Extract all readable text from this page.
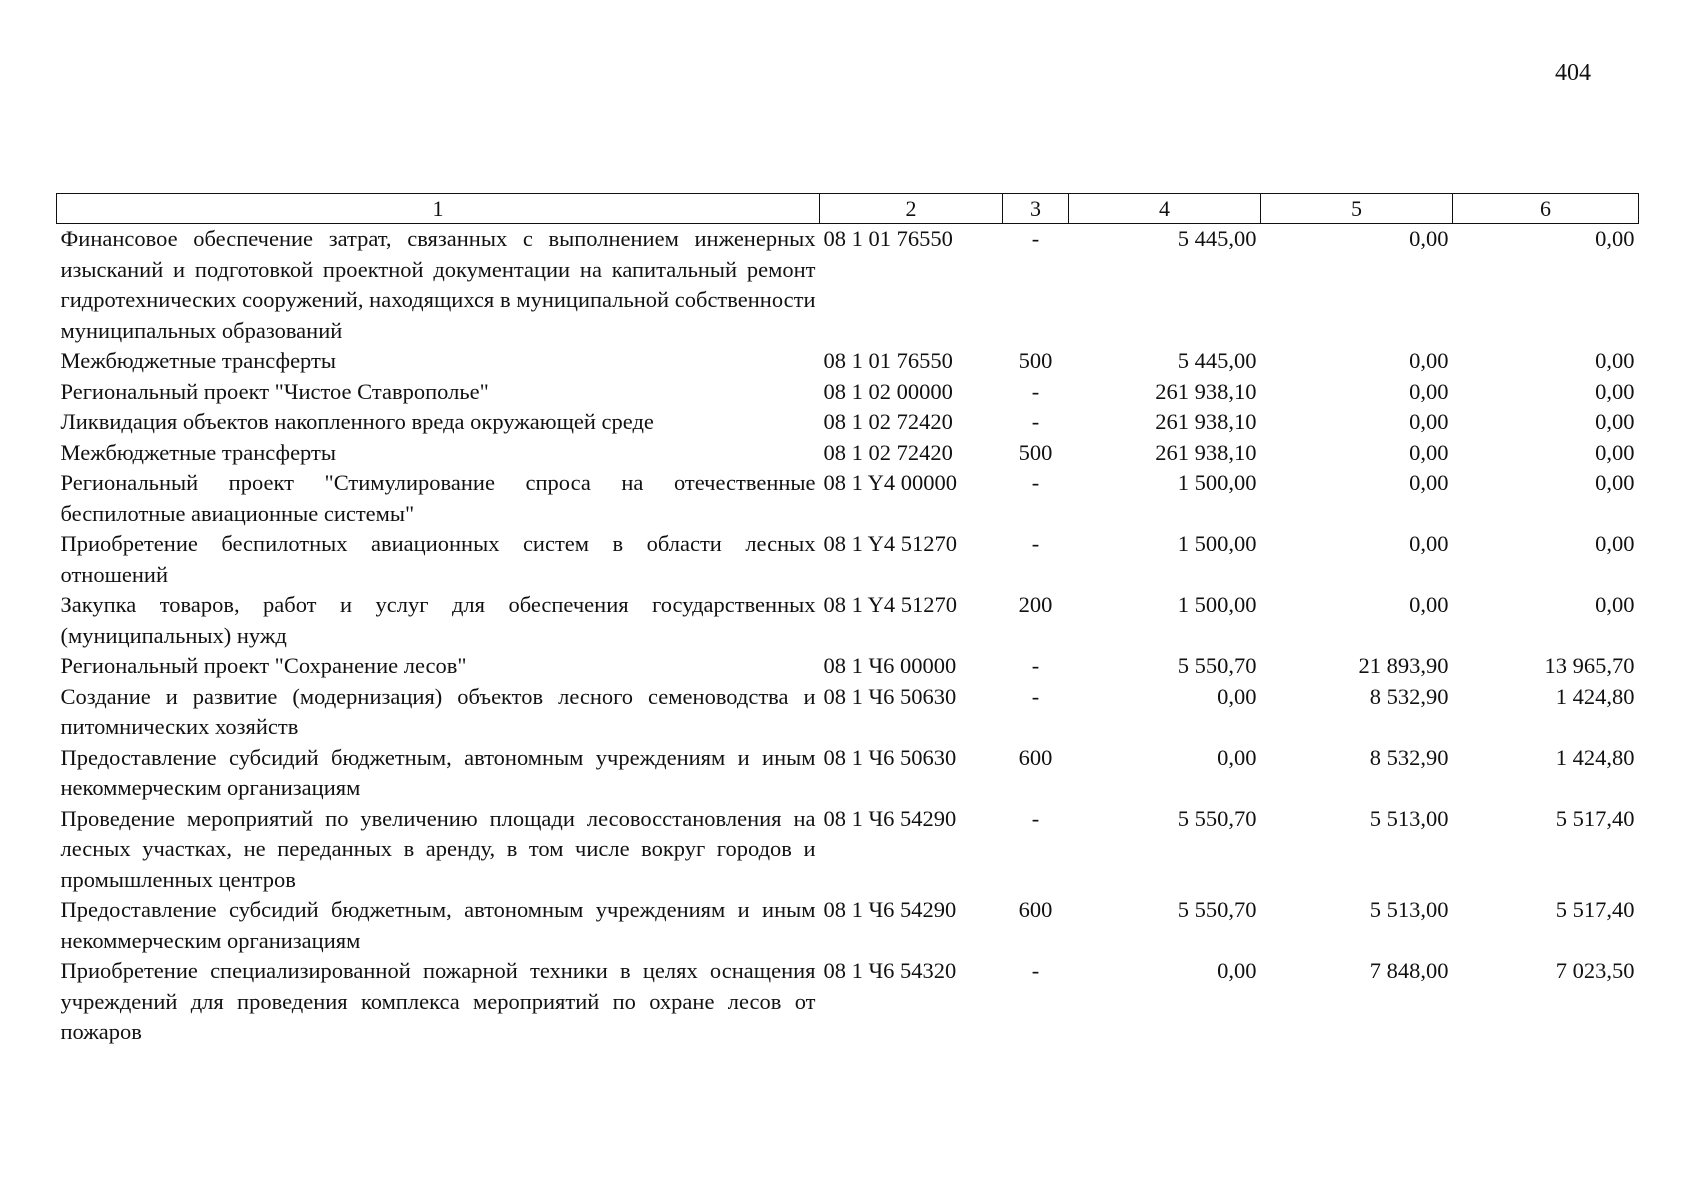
404
1	2	3	4	5	6
Финансовое обеспечение затрат, связанных с выполнением инженерных изысканий и подготовкой проектной документации на капитальный ремонт гидротехнических сооружений, находящихся в муниципальной собственности муниципальных образований	08 1 01 76550	-	5 445,00	0,00	0,00
Межбюджетные трансферты	08 1 01 76550	500	5 445,00	0,00	0,00
Региональный проект "Чистое Ставрополье"	08 1 02 00000	-	261 938,10	0,00	0,00
Ликвидация объектов накопленного вреда окружающей среде	08 1 02 72420	-	261 938,10	0,00	0,00
Межбюджетные трансферты	08 1 02 72420	500	261 938,10	0,00	0,00
Региональный проект "Стимулирование спроса на отечественные беспилотные авиационные системы"	08 1 Y4 00000	-	1 500,00	0,00	0,00
Приобретение беспилотных авиационных систем в области лесных отношений	08 1 Y4 51270	-	1 500,00	0,00	0,00
Закупка товаров, работ и услуг для обеспечения государственных (муниципальных) нужд	08 1 Y4 51270	200	1 500,00	0,00	0,00
Региональный проект "Сохранение лесов"	08 1 Ч6 00000	-	5 550,70	21 893,90	13 965,70
Создание и развитие (модернизация) объектов лесного семеноводства и питомнических хозяйств	08 1 Ч6 50630	-	0,00	8 532,90	1 424,80
Предоставление субсидий бюджетным, автономным учреждениям и иным некоммерческим организациям	08 1 Ч6 50630	600	0,00	8 532,90	1 424,80
Проведение мероприятий по увеличению площади лесовосстановления на лесных участках, не переданных в аренду, в том числе вокруг городов и промышленных центров	08 1 Ч6 54290	-	5 550,70	5 513,00	5 517,40
Предоставление субсидий бюджетным, автономным учреждениям и иным некоммерческим организациям	08 1 Ч6 54290	600	5 550,70	5 513,00	5 517,40
Приобретение специализированной пожарной техники в целях оснащения учреждений для проведения комплекса мероприятий по охране лесов от пожаров	08 1 Ч6 54320	-	0,00	7 848,00	7 023,50
